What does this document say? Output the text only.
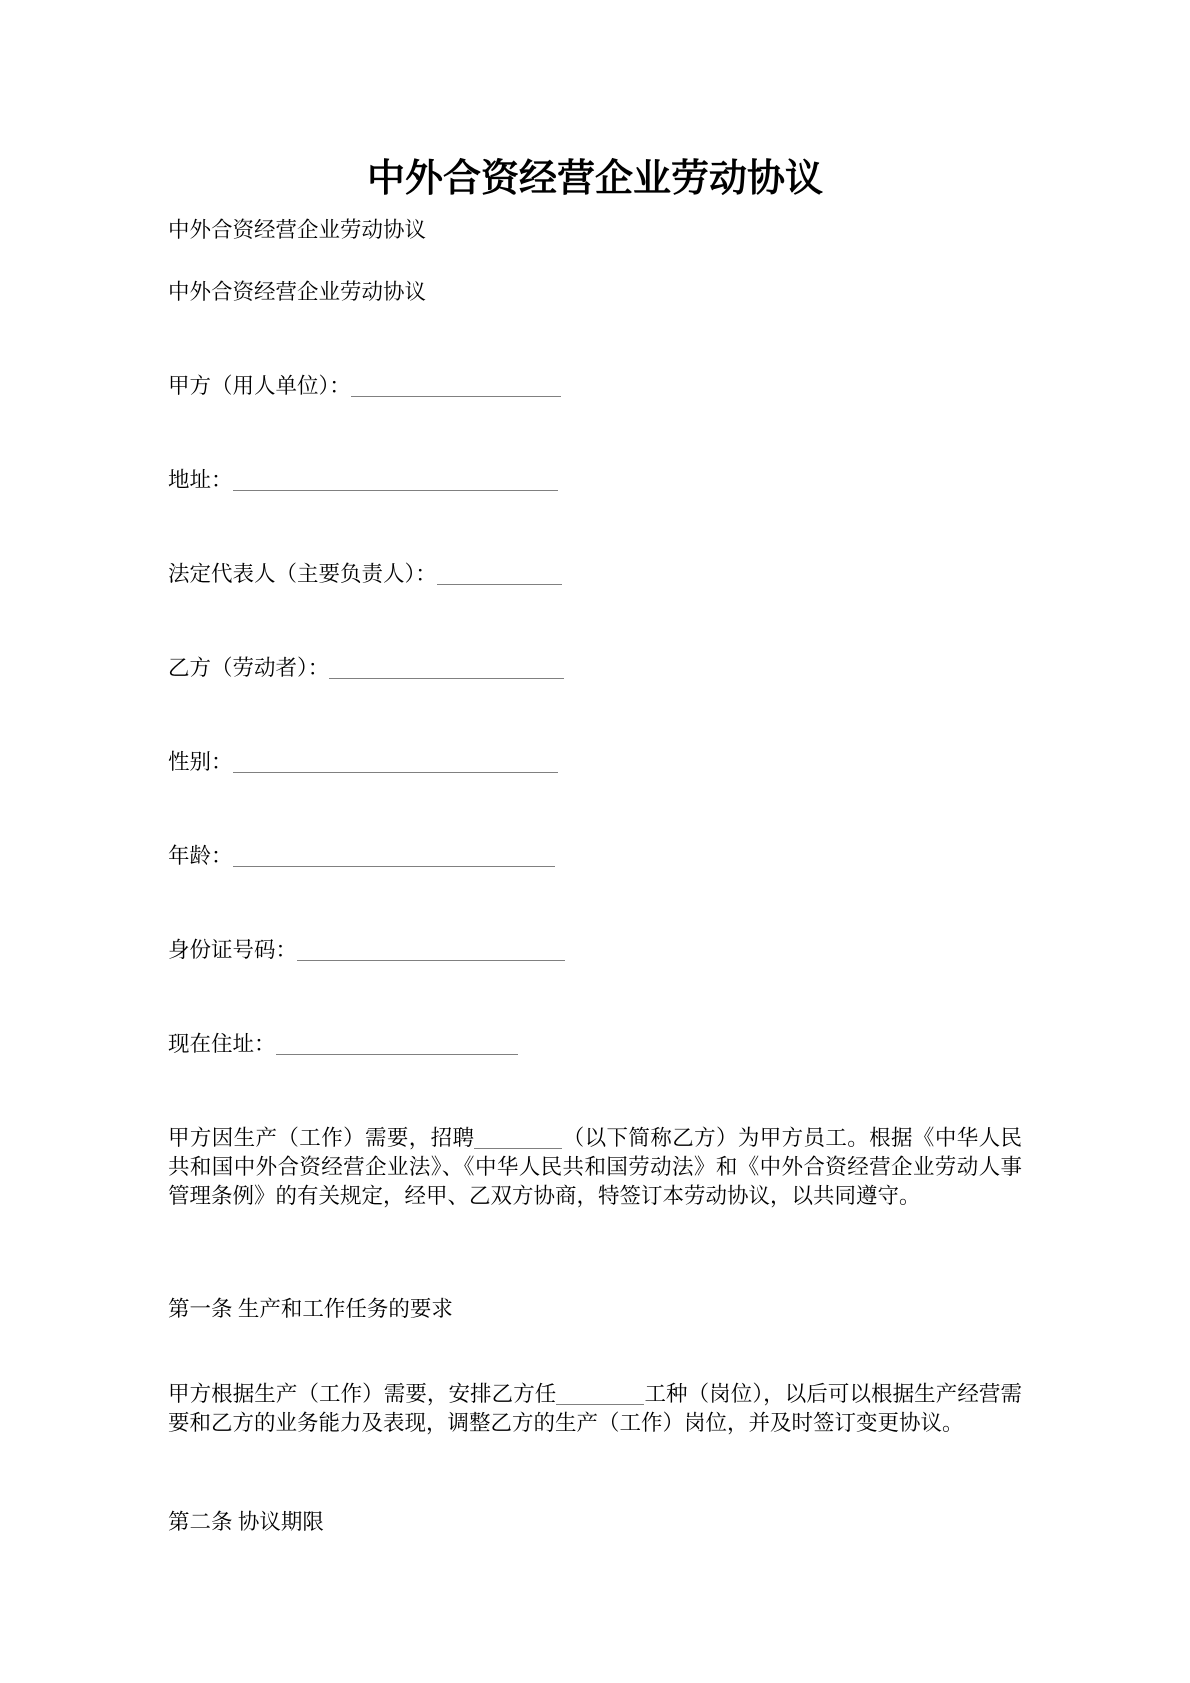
中外合资经营企业劳动协议

中外合资经营企业劳动协议

中外合资经营企业劳动协议

甲方（用人单位）：

地址：

法定代表人（主要负责人）：

乙方（劳动者）：

性别：

年龄：

身份证号码：

现在住址：

甲方因生产（工作）需要，招聘	（以下简称乙方）为甲方员工。根据《中华人民共和国中外合资经营企业法》、《中华人民共和国劳动法》和《中外合资经营企业劳动人事管理条例》的有关规定，经甲、乙双方协商，特签订本劳动协议，以共同遵守。

第一条 生产和工作任务的要求

甲方根据生产（工作）需要，安排乙方任	工种（岗位），以后可以根据生产经营需要和乙方的业务能力及表现，调整乙方的生产（工作）岗位，并及时签订变更协议。

第二条 协议期限
